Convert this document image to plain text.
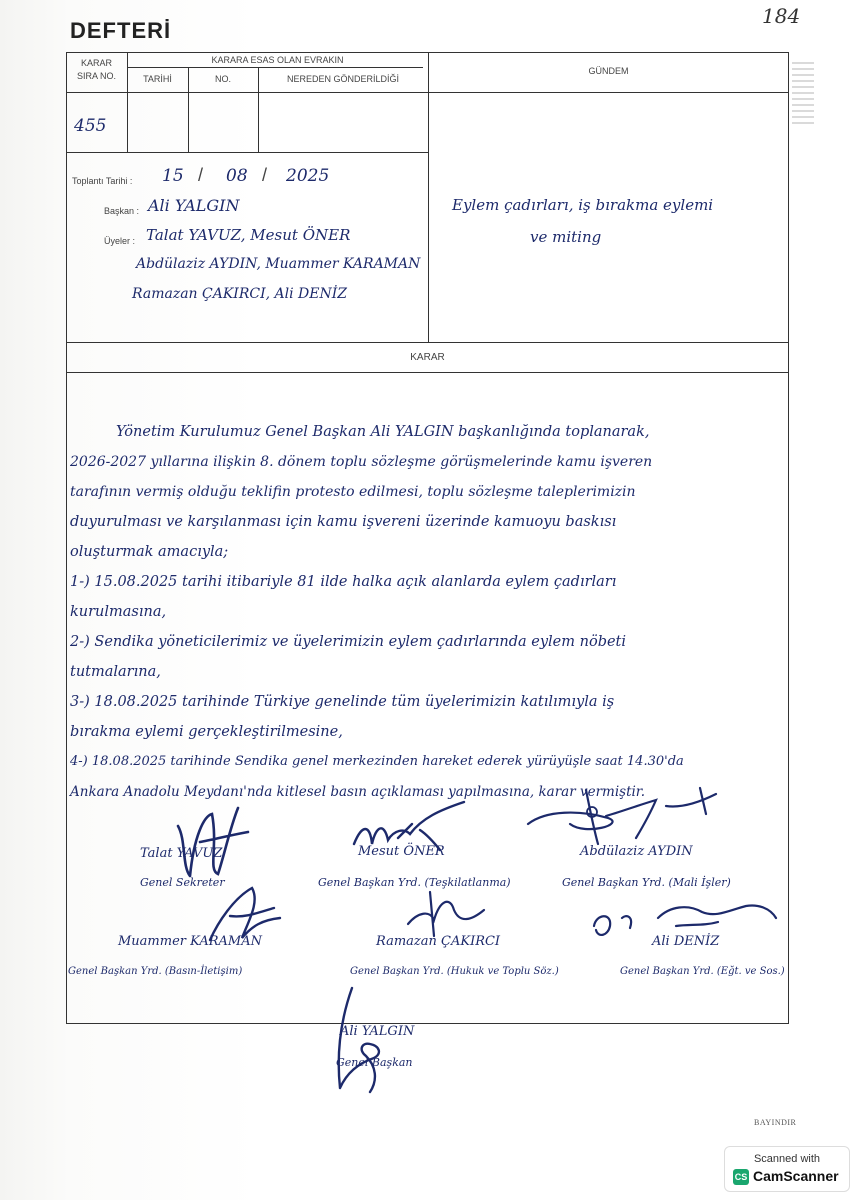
DEFTERİ
184
KARAR
SIRA NO.
KARARA ESAS OLAN EVRAKIN
TARİHİ	NO.	NEREDEN GÖNDERİLDİĞİ
GÜNDEM
455
Toplantı Tarihi : 15 / 08 / 2025
Başkan : Ali YALGIN
Üyeler : Talat YAVUZ, Mesut ÖNER
Abdülaziz AYDIN, Muammer KARAMAN
Ramazan ÇAKIRCI, Ali DENİZ
Eylem çadırları, iş bırakma eylemi
ve miting
KARAR
Yönetim Kurulumuz Genel Başkan Ali YALGIN başkanlığında toplanarak,
2026-2027 yıllarına ilişkin 8. dönem toplu sözleşme görüşmelerinde kamu işveren
tarafının vermiş olduğu teklifin protesto edilmesi, toplu sözleşme taleplerimizin
duyurulması ve karşılanması için kamu işvereni üzerinde kamuoyu baskısı
oluşturmak amacıyla;
1-) 15.08.2025 tarihi itibariyle 81 ilde halka açık alanlarda eylem çadırları
kurulmasına,
2-) Sendika yöneticilerimiz ve üyelerimizin eylem çadırlarında eylem nöbeti
tutmalarına,
3-) 18.08.2025 tarihinde Türkiye genelinde tüm üyelerimizin katılımıyla iş
bırakma eylemi gerçekleştirilmesine,
4-) 18.08.2025 tarihinde Sendika genel merkezinden hareket ederek yürüyüşle saat 14.30'da
Ankara Anadolu Meydanı'nda kitlesel basın açıklaması yapılmasına, karar vermiştir.
Talat YAVUZ
Genel Sekreter
Mesut ÖNER
Genel Başkan Yrd. (Teşkilatlanma)
Abdülaziz AYDIN
Genel Başkan Yrd. (Mali İşler)
Muammer KARAMAN
Genel Başkan Yrd. (Basın-İletişim)
Ramazan ÇAKIRCI
Genel Başkan Yrd. (Hukuk ve Toplu Söz.)
Ali DENİZ
Genel Başkan Yrd. (Eğt. ve Sos.)
Ali YALGIN
Genel Başkan
BAYINDIR
Scanned with
CS CamScanner
